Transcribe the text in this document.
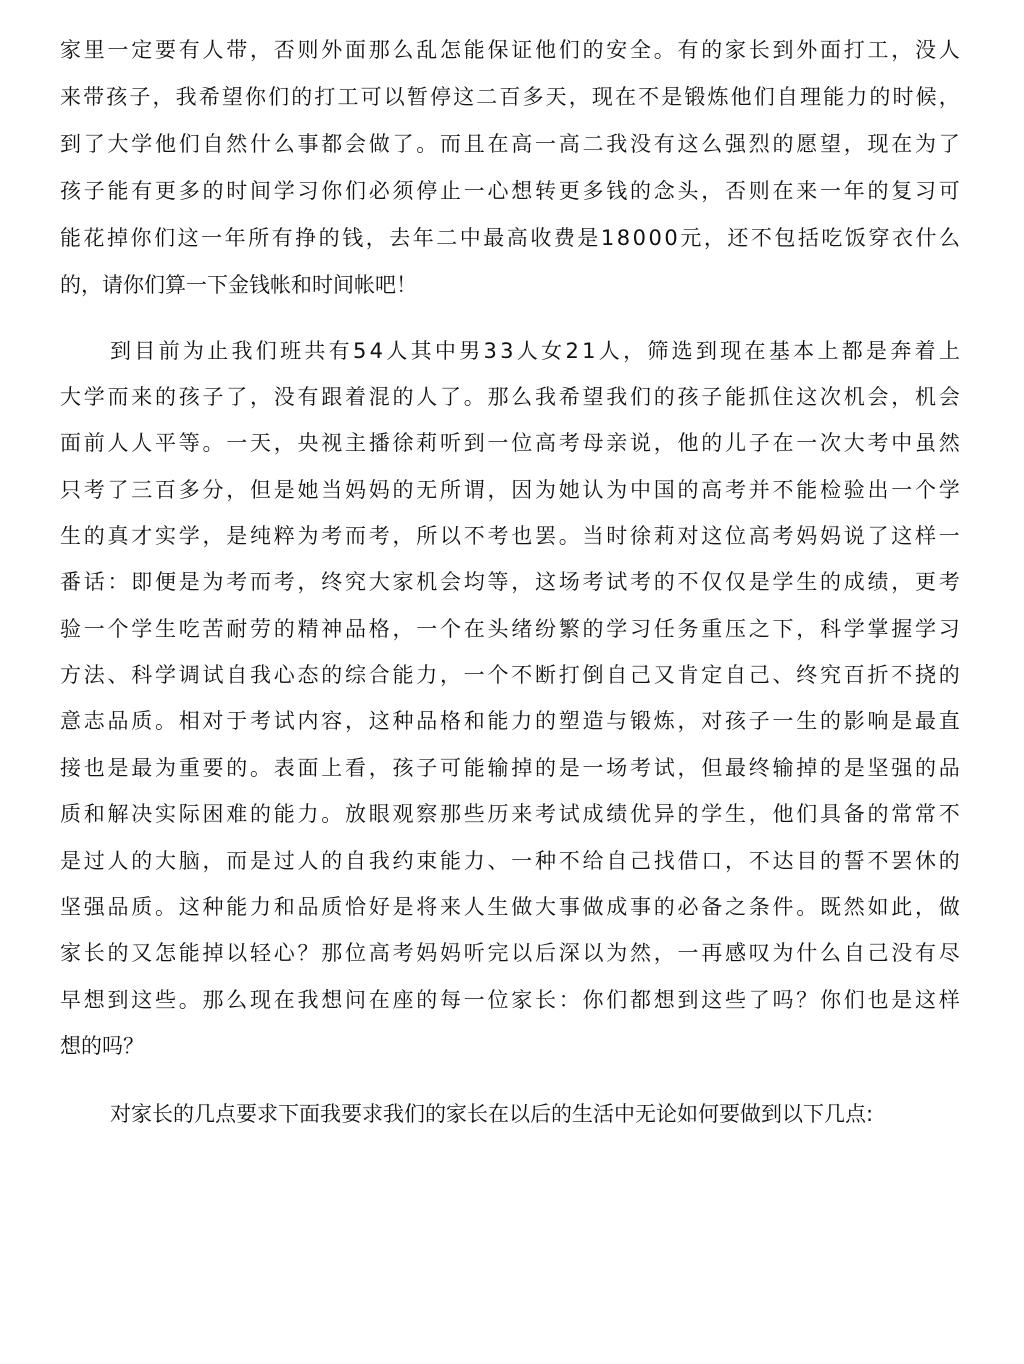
家 里 一 定 要 有 人 带 ， 否 则 外 面 那 么 乱 怎 能 保 证 他 们 的 安 全 。 有 的 家 长 到 外 面 打 工 ， 没 人
来 带 孩 子 ， 我 希 望 你 们 的 打 工 可 以 暂 停 这 二 百 多 天 ， 现 在 不 是 锻 炼 他 们 自 理 能 力 的 时 候 ，
到 了 大 学 他 们 自 然 什 么 事 都 会 做 了 。 而 且 在 高 一 高 二 我 没 有 这 么 强 烈 的 愿 望 ， 现 在 为 了
孩 子 能 有 更 多 的 时 间 学 习 你 们 必 须 停 止 一 心 想 转 更 多 钱 的 念 头 ， 否 则 在 来 一 年 的 复 习 可
能 花 掉 你 们 这 一 年 所 有 挣 的 钱 ， 去 年 二 中 最 高 收 费 是 1 8 0 0 0 元 ， 还 不 包 括 吃 饭 穿 衣 什 么
的，请你们算一下金钱帐和时间帐吧！
到 目 前 为 止 我 们 班 共 有 5 4 人 其 中 男 3 3 人 女 2 1 人 ， 筛 选 到 现 在 基 本 上 都 是 奔 着 上
大 学 而 来 的 孩 子 了 ， 没 有 跟 着 混 的 人 了 。 那 么 我 希 望 我 们 的 孩 子 能 抓 住 这 次 机 会 ， 机 会
面 前 人 人 平 等 。 一 天 ， 央 视 主 播 徐 莉 听 到 一 位 高 考 母 亲 说 ， 他 的 儿 子 在 一 次 大 考 中 虽 然
只 考 了 三 百 多 分 ， 但 是 她 当 妈 妈 的 无 所 谓 ， 因 为 她 认 为 中 国 的 高 考 并 不 能 检 验 出 一 个 学
生 的 真 才 实 学 ， 是 纯 粹 为 考 而 考 ， 所 以 不 考 也 罢 。 当 时 徐 莉 对 这 位 高 考 妈 妈 说 了 这 样 一
番 话 ： 即 便 是 为 考 而 考 ， 终 究 大 家 机 会 均 等 ， 这 场 考 试 考 的 不 仅 仅 是 学 生 的 成 绩 ， 更 考
验 一 个 学 生 吃 苦 耐 劳 的 精 神 品 格 ， 一 个 在 头 绪 纷 繁 的 学 习 任 务 重 压 之 下 ， 科 学 掌 握 学 习
方 法 、 科 学 调 试 自 我 心 态 的 综 合 能 力 ， 一 个 不 断 打 倒 自 己 又 肯 定 自 己 、 终 究 百 折 不 挠 的
意 志 品 质 。 相 对 于 考 试 内 容 ， 这 种 品 格 和 能 力 的 塑 造 与 锻 炼 ， 对 孩 子 一 生 的 影 响 是 最 直
接 也 是 最 为 重 要 的 。 表 面 上 看 ， 孩 子 可 能 输 掉 的 是 一 场 考 试 ， 但 最 终 输 掉 的 是 坚 强 的 品
质 和 解 决 实 际 困 难 的 能 力 。 放 眼 观 察 那 些 历 来 考 试 成 绩 优 异 的 学 生 ， 他 们 具 备 的 常 常 不
是 过 人 的 大 脑 ， 而 是 过 人 的 自 我 约 束 能 力 、 一 种 不 给 自 己 找 借 口 ， 不 达 目 的 誓 不 罢 休 的
坚 强 品 质 。 这 种 能 力 和 品 质 恰 好 是 将 来 人 生 做 大 事 做 成 事 的 必 备 之 条 件 。 既 然 如 此 ， 做
家 长 的 又 怎 能 掉 以 轻 心 ？ 那 位 高 考 妈 妈 听 完 以 后 深 以 为 然 ， 一 再 感 叹 为 什 么 自 己 没 有 尽
早 想 到 这 些 。 那 么 现 在 我 想 问 在 座 的 每 一 位 家 长 ： 你 们 都 想 到 这 些 了 吗 ？ 你 们 也 是 这 样
想的吗？
对家长的几点要求下面我要求我们的家长在以后的生活中无论如何要做到以下几点:
